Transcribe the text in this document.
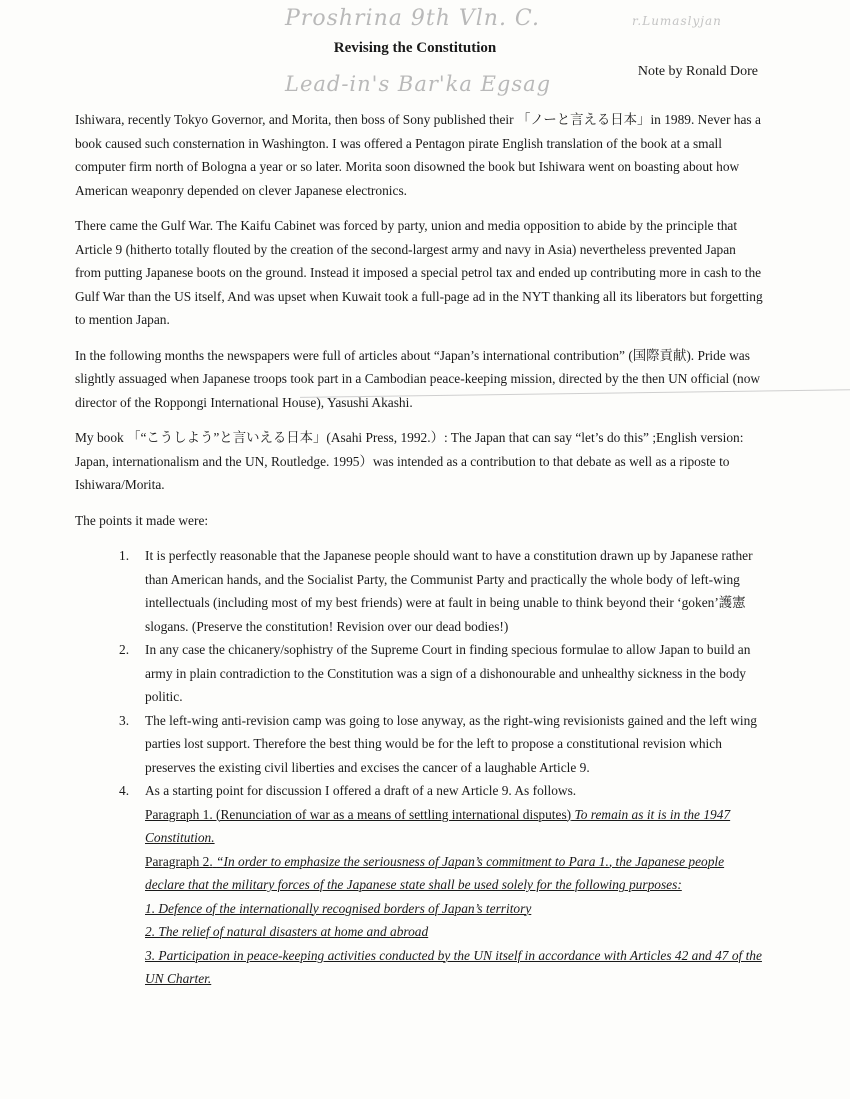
Proshrina 9th Vln. C.	r.Lumaslyjan
Lead-in's Bar'ka Egsag
Revising the Constitution
Note by Ronald Dore

Ishiwara, recently Tokyo Governor, and Morita, then boss of Sony published their 「ノーと言える日本」in 1989. Never has a book caused such consternation in Washington. I was offered a Pentagon pirate English translation of the book at a small computer firm north of Bologna a year or so later. Morita soon disowned the book but Ishiwara went on boasting about how American weaponry depended on clever Japanese electronics.

There came the Gulf War. The Kaifu Cabinet was forced by party, union and media opposition to abide by the principle that Article 9 (hitherto totally flouted by the creation of the second-largest army and navy in Asia) nevertheless prevented Japan from putting Japanese boots on the ground. Instead it imposed a special petrol tax and ended up contributing more in cash to the Gulf War than the US itself, And was upset when Kuwait took a full-page ad in the NYT thanking all its liberators but forgetting to mention Japan.

In the following months the newspapers were full of articles about “Japan’s international contribution” (国際貢献). Pride was slightly assuaged when Japanese troops took part in a Cambodian peace-keeping mission, directed by the then UN official (now director of the Roppongi International House), Yasushi Akashi.

My book 「“こうしよう”と言いえる日本」(Asahi Press, 1992.）: The Japan that can say “let’s do this” ;English version: Japan, internationalism and the UN, Routledge. 1995）was intended as a contribution to that debate as well as a riposte to Ishiwara/Morita.

The points it made were:

1. It is perfectly reasonable that the Japanese people should want to have a constitution drawn up by Japanese rather than American hands, and the Socialist Party, the Communist Party and practically the whole body of left-wing intellectuals (including most of my best friends) were at fault in being unable to think beyond their ‘goken’護憲 slogans. (Preserve the constitution! Revision over our dead bodies!)
2. In any case the chicanery/sophistry of the Supreme Court in finding specious formulae to allow Japan to build an army in plain contradiction to the Constitution was a sign of a dishonourable and unhealthy sickness in the body politic.
3. The left-wing anti-revision camp was going to lose anyway, as the right-wing revisionists gained and the left wing parties lost support. Therefore the best thing would be for the left to propose a constitutional revision which preserves the existing civil liberties and excises the cancer of a laughable Article 9.
4. As a starting point for discussion I offered a draft of a new Article 9. As follows.
Paragraph 1. (Renunciation of war as a means of settling international disputes) To remain as it is in the 1947 Constitution.
Paragraph 2. “In order to emphasize the seriousness of Japan’s commitment to Para 1., the Japanese people declare that the military forces of the Japanese state shall be used solely for the following purposes:
1. Defence of the internationally recognised borders of Japan’s territory
2. The relief of natural disasters at home and abroad
3. Participation in peace-keeping activities conducted by the UN itself in accordance with Articles 42 and 47 of the UN Charter.
